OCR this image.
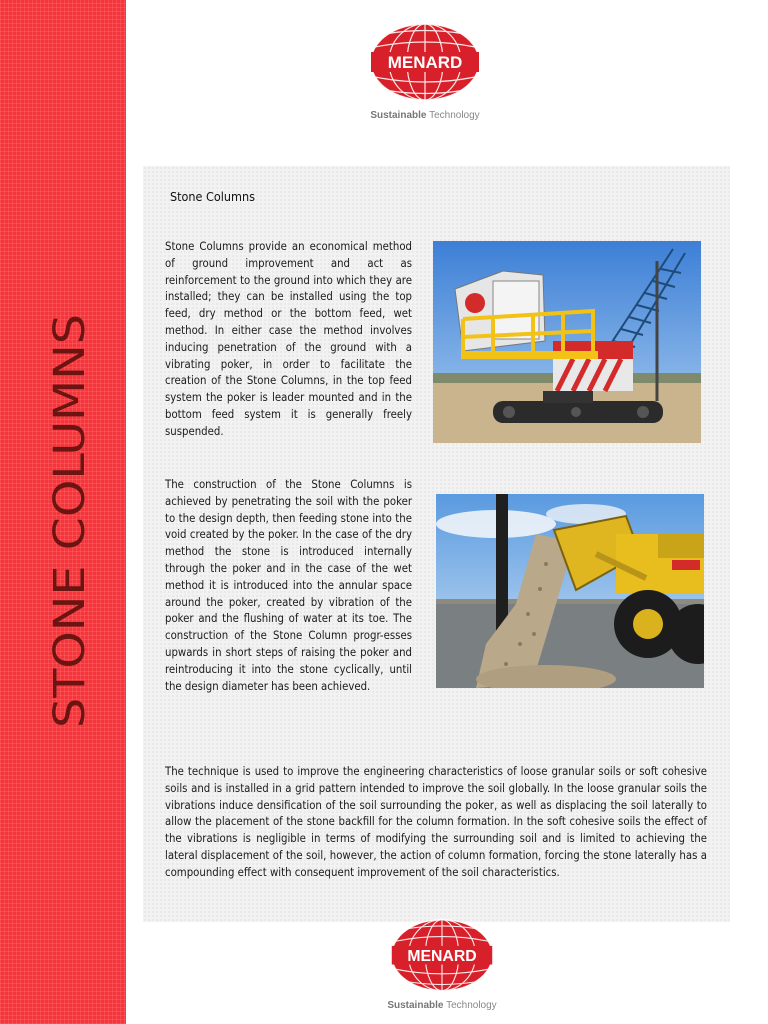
STONE COLUMNS
MENARD
Sustainable Technology
Stone Columns

Stone Columns provide an economical method of ground improvement and act as reinforcement to the ground into which they are installed; they can be installed using the top feed, dry method or the bottom feed, wet method. In either case the method involves inducing penetration of the ground with a vibrating poker, in order to facilitate the creation of the Stone Columns, in the top feed system the poker is leader mounted and in the bottom feed system it is generally freely suspended.

The construction of the Stone Columns is achieved by penetrating the soil with the poker to the design depth, then feeding stone into the void created by the poker. In the case of the dry method the stone is introduced internally through the poker and in the case of the wet method it is introduced into the annular space around the poker, created by vibration of the poker and the flushing of water at its toe. The construction of the Stone Column progr-esses upwards in short steps of raising the poker and reintroducing it into the stone cyclically, until the design diameter has been achieved.

The technique is used to improve the engineering characteristics of loose granular soils or soft cohesive soils and is installed in a grid pattern intended to improve the soil globally. In the loose granular soils the vibrations induce densification of the soil surrounding the poker, as well as displacing the soil laterally to allow the placement of the stone backfill for the column formation. In the soft cohesive soils the effect of the vibrations is negligible in terms of modifying the surrounding soil and is limited to achieving the lateral displacement of the soil, however, the action of column formation, forcing the stone laterally has a compounding effect with consequent improvement of the soil characteristics.

MENARD
Sustainable Technology
